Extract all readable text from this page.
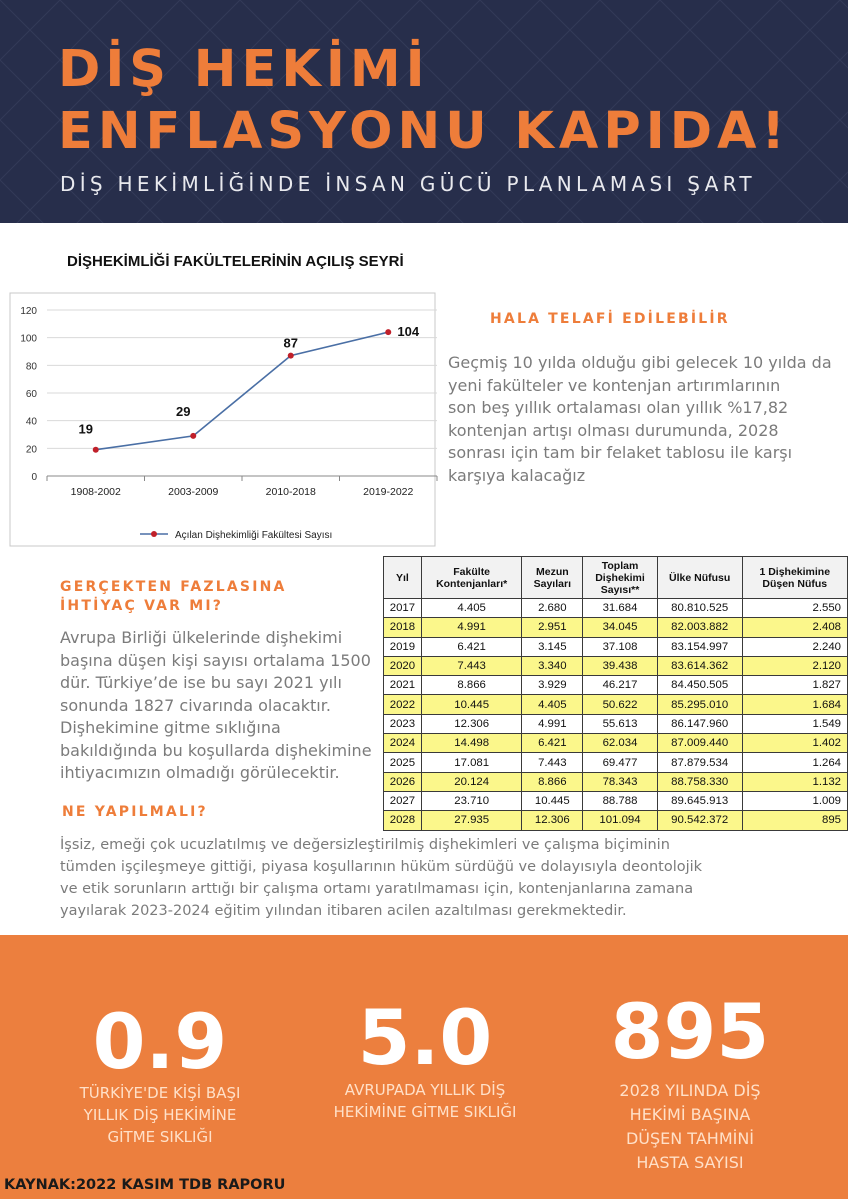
DİŞ HEKİMİ
ENFLASYONU KAPIDA!
DİŞ HEKİMLİĞİNDE İNSAN GÜCÜ PLANLAMASI ŞART
DİŞHEKİMLİĞİ FAKÜLTELERİNİN AÇILIŞ SEYRİ
0
20
40
60
80
100
120
1908-2002	2003-2009	2010-2018	2019-2022
19
29
87
104
Açılan Dişhekimliği Fakültesi Sayısı
HALA TELAFİ EDİLEBİLİR
Geçmiş 10 yılda olduğu gibi gelecek 10 yılda da
yeni fakülteler ve kontenjan artırımlarının
son beş yıllık ortalaması olan yıllık %17,82
kontenjan artışı olması durumunda, 2028
sonrası için tam bir felaket tablosu ile karşı
karşıya kalacağız
GERÇEKTEN FAZLASINA
İHTİYAÇ VAR MI?
Avrupa Birliği ülkelerinde dişhekimi
başına düşen kişi sayısı ortalama 1500
dür. Türkiye’de ise bu sayı 2021 yılı
sonunda 1827 civarında olacaktır.
Dişhekimine gitme sıklığına
bakıldığında bu koşullarda dişhekimine
ihtiyacımızın olmadığı görülecektir.
Yıl	Fakülte Kontenjanları*	Mezun Sayıları	Toplam Dişhekimi Sayısı**	Ülke Nüfusu	1 Dişhekimine Düşen Nüfus
2017	4.405	2.680	31.684	80.810.525	2.550
2018	4.991	2.951	34.045	82.003.882	2.408
2019	6.421	3.145	37.108	83.154.997	2.240
2020	7.443	3.340	39.438	83.614.362	2.120
2021	8.866	3.929	46.217	84.450.505	1.827
2022	10.445	4.405	50.622	85.295.010	1.684
2023	12.306	4.991	55.613	86.147.960	1.549
2024	14.498	6.421	62.034	87.009.440	1.402
2025	17.081	7.443	69.477	87.879.534	1.264
2026	20.124	8.866	78.343	88.758.330	1.132
2027	23.710	10.445	88.788	89.645.913	1.009
2028	27.935	12.306	101.094	90.542.372	895
NE YAPILMALI?
İşsiz, emeği çok ucuzlatılmış ve değersizleştirilmiş dişhekimleri ve çalışma biçiminin
tümden işçileşmeye gittiği, piyasa koşullarının hüküm sürdüğü ve dolayısıyla deontolojik
ve etik sorunların arttığı bir çalışma ortamı yaratılmaması için, kontenjanlarına zamana
yayılarak 2023-2024 eğitim yılından itibaren acilen azaltılması gerekmektedir.
0.9
TÜRKİYE'DE KİŞİ BAŞI
YILLIK DİŞ HEKİMİNE
GİTME SIKLIĞI
5.0
AVRUPADA YILLIK DİŞ
HEKİMİNE GİTME SIKLIĞI
895
2028 YILINDA DİŞ
HEKİMİ BAŞINA
DÜŞEN TAHMİNİ
HASTA SAYISI
KAYNAK:2022 KASIM TDB RAPORU
